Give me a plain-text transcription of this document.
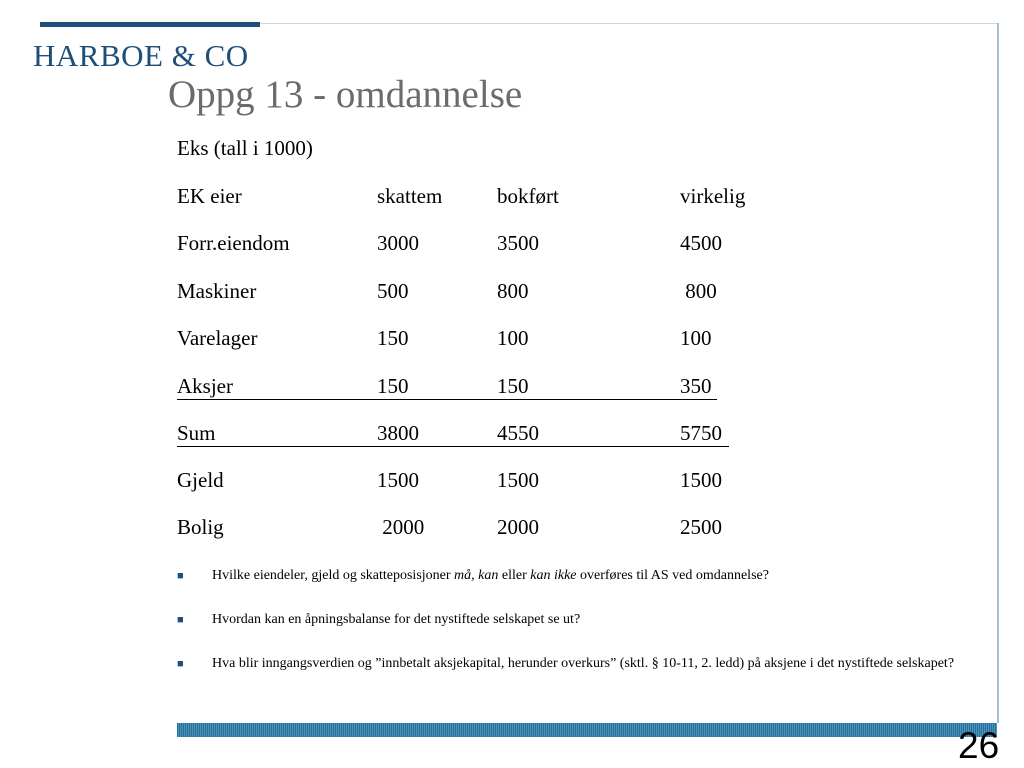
HARBOE & CO
Oppg 13 - omdannelse
Eks (tall i 1000)
EK eier	skattem	bokført	virkelig
Forr.eiendom	3000	3500	4500
Maskiner	500	800	800
Varelager	150	100	100
Aksjer	150	150	350
Sum	3800	4550	5750
Gjeld	1500	1500	1500
Bolig	2000	2000	2500
■ Hvilke eiendeler, gjeld og skatteposisjoner må, kan eller kan ikke overføres til AS ved omdannelse?
■ Hvordan kan en åpningsbalanse for det nystiftede selskapet se ut?
■ Hva blir inngangsverdien og ”innbetalt aksjekapital, herunder overkurs” (sktl. § 10-11, 2. ledd) på aksjene i det nystiftede selskapet?
26
